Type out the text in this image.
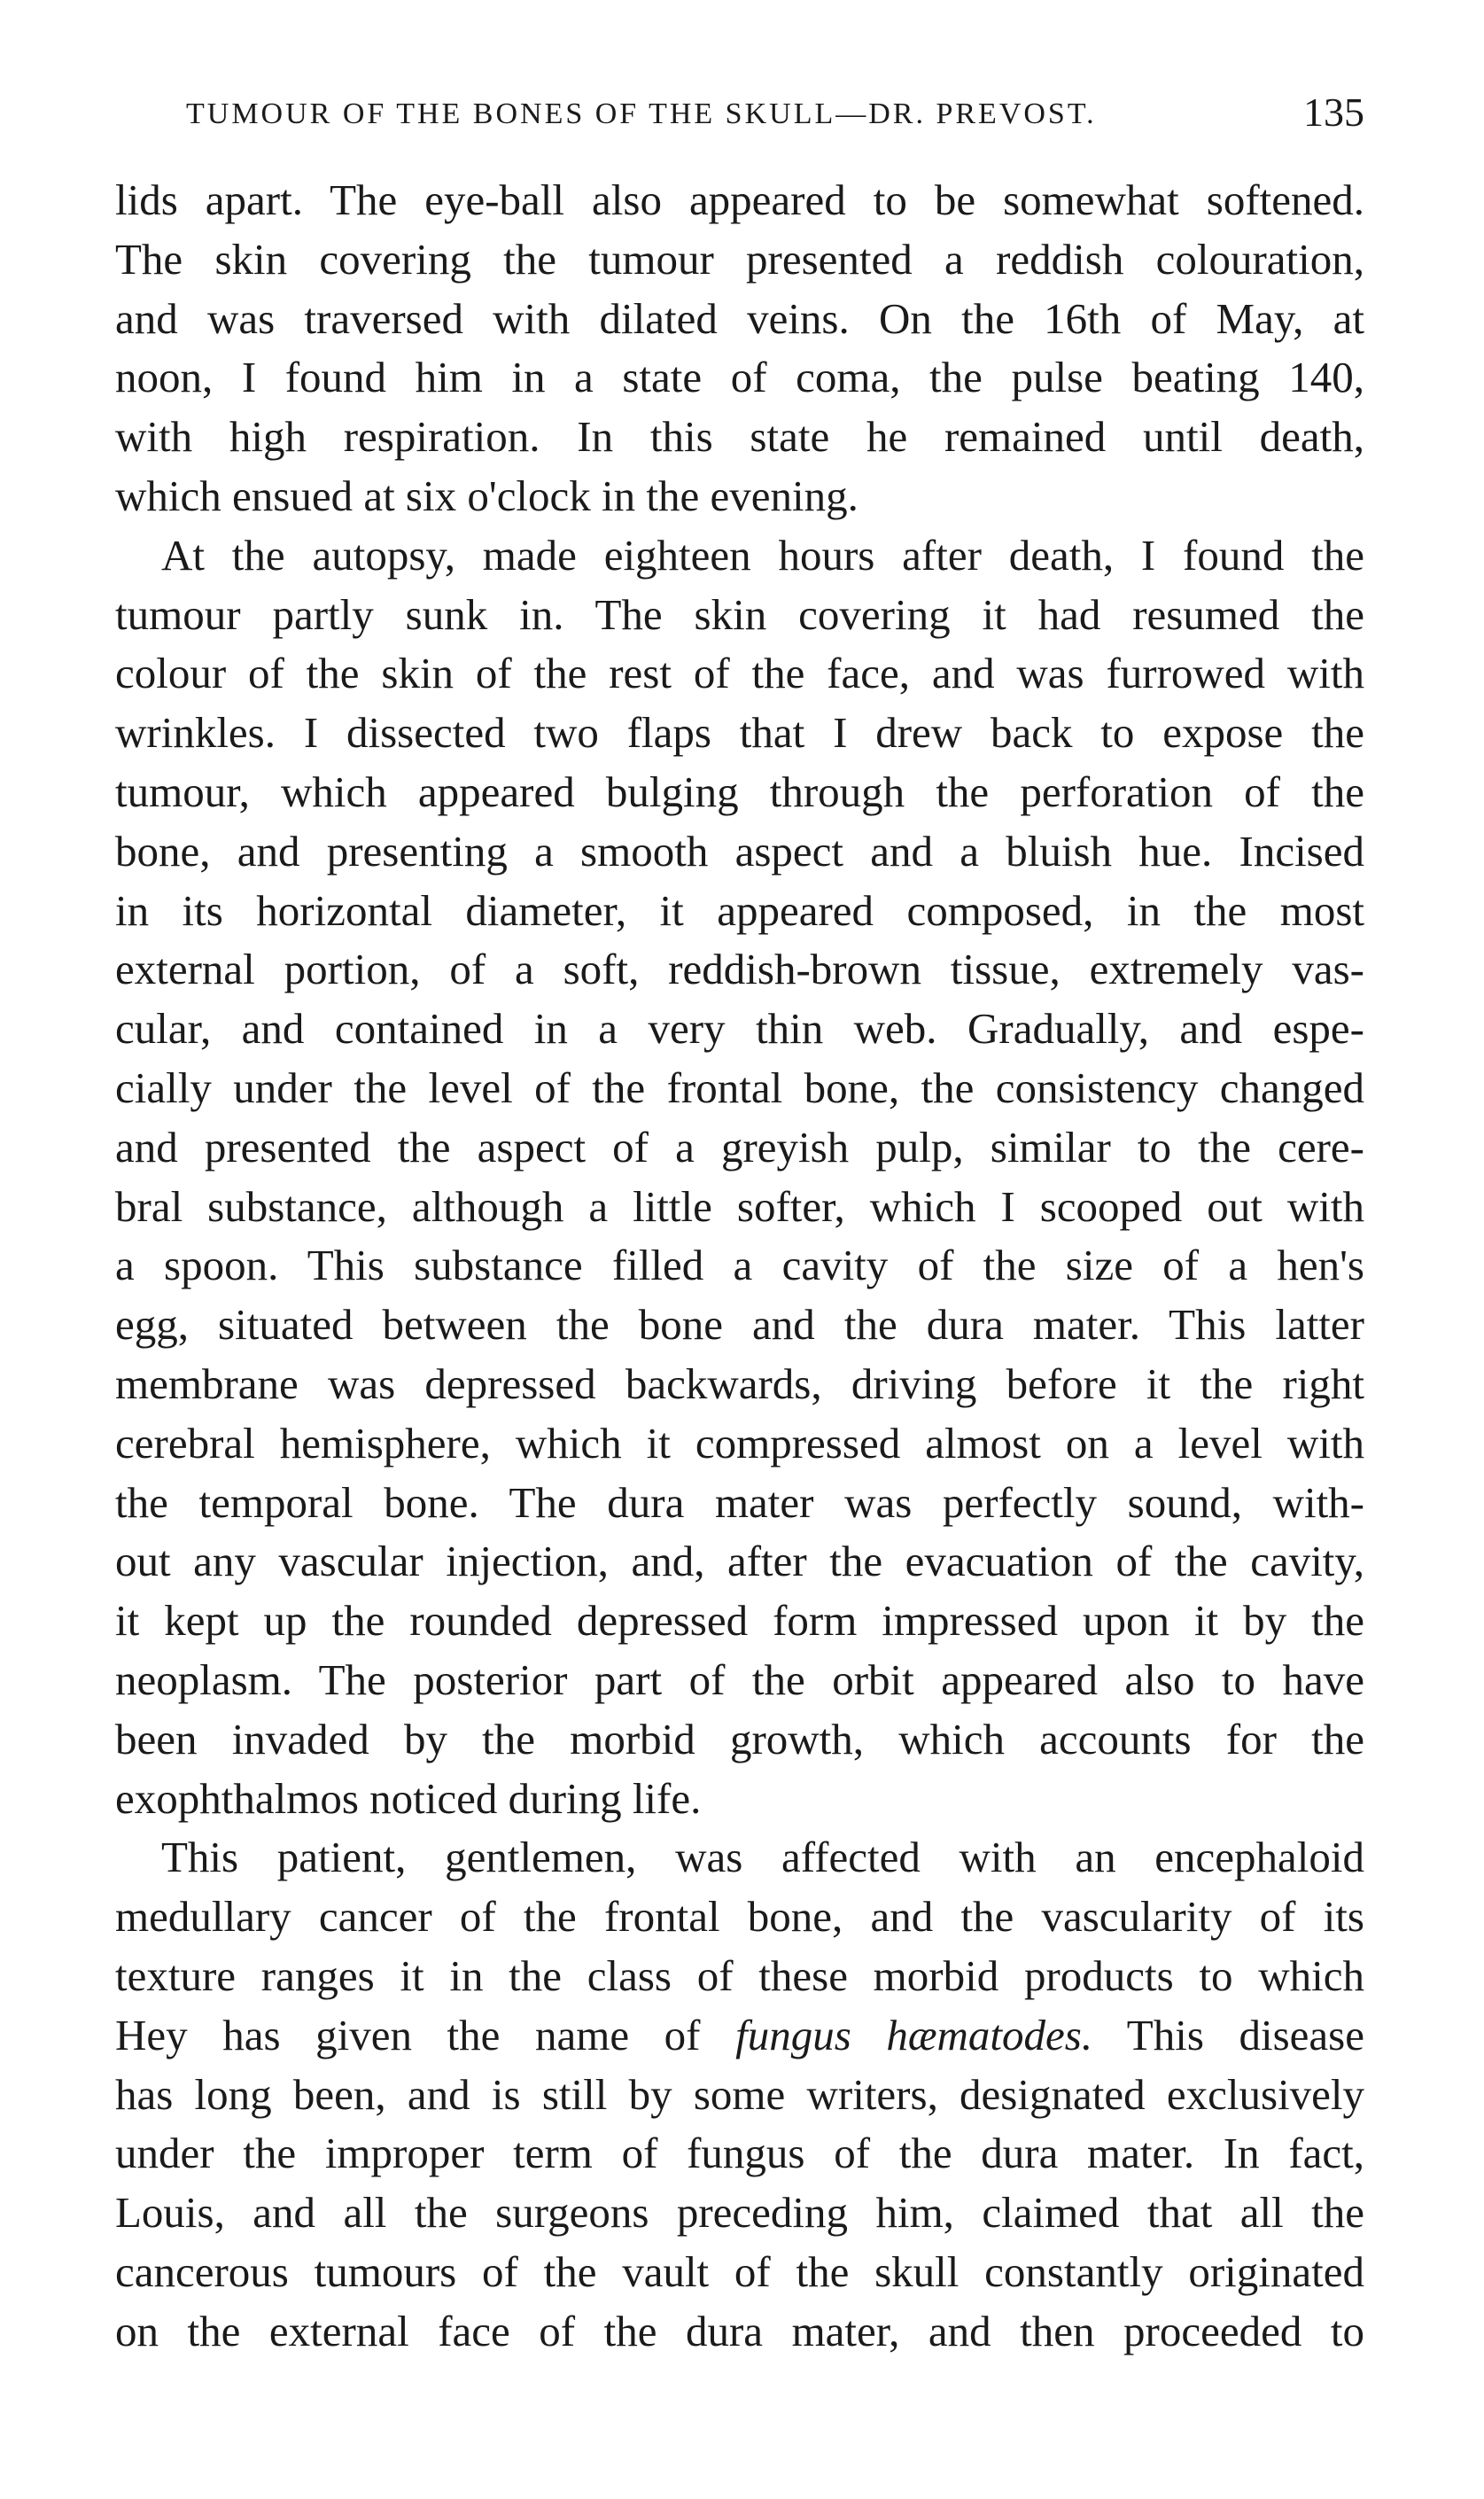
TUMOUR OF THE BONES OF THE SKULL—DR. PREVOST.	135

lids apart. The eye-ball also appeared to be somewhat softened.
The skin covering the tumour presented a reddish colouration,
and was traversed with dilated veins. On the 16th of May, at
noon, I found him in a state of coma, the pulse beating 140,
with high respiration. In this state he remained until death,
which ensued at six o'clock in the evening.

At the autopsy, made eighteen hours after death, I found the
tumour partly sunk in. The skin covering it had resumed the
colour of the skin of the rest of the face, and was furrowed with
wrinkles. I dissected two flaps that I drew back to expose the
tumour, which appeared bulging through the perforation of the
bone, and presenting a smooth aspect and a bluish hue. Incised
in its horizontal diameter, it appeared composed, in the most
external portion, of a soft, reddish-brown tissue, extremely vas-
cular, and contained in a very thin web. Gradually, and espe-
cially under the level of the frontal bone, the consistency changed
and presented the aspect of a greyish pulp, similar to the cere-
bral substance, although a little softer, which I scooped out with
a spoon. This substance filled a cavity of the size of a hen's
egg, situated between the bone and the dura mater. This latter
membrane was depressed backwards, driving before it the right
cerebral hemisphere, which it compressed almost on a level with
the temporal bone. The dura mater was perfectly sound, with-
out any vascular injection, and, after the evacuation of the cavity,
it kept up the rounded depressed form impressed upon it by the
neoplasm. The posterior part of the orbit appeared also to have
been invaded by the morbid growth, which accounts for the
exophthalmos noticed during life.

This patient, gentlemen, was affected with an encephaloid
medullary cancer of the frontal bone, and the vascularity of its
texture ranges it in the class of these morbid products to which
Hey has given the name of fungus hæmatodes. This disease
has long been, and is still by some writers, designated exclusively
under the improper term of fungus of the dura mater. In fact,
Louis, and all the surgeons preceding him, claimed that all the
cancerous tumours of the vault of the skull constantly originated
on the external face of the dura mater, and then proceeded to
